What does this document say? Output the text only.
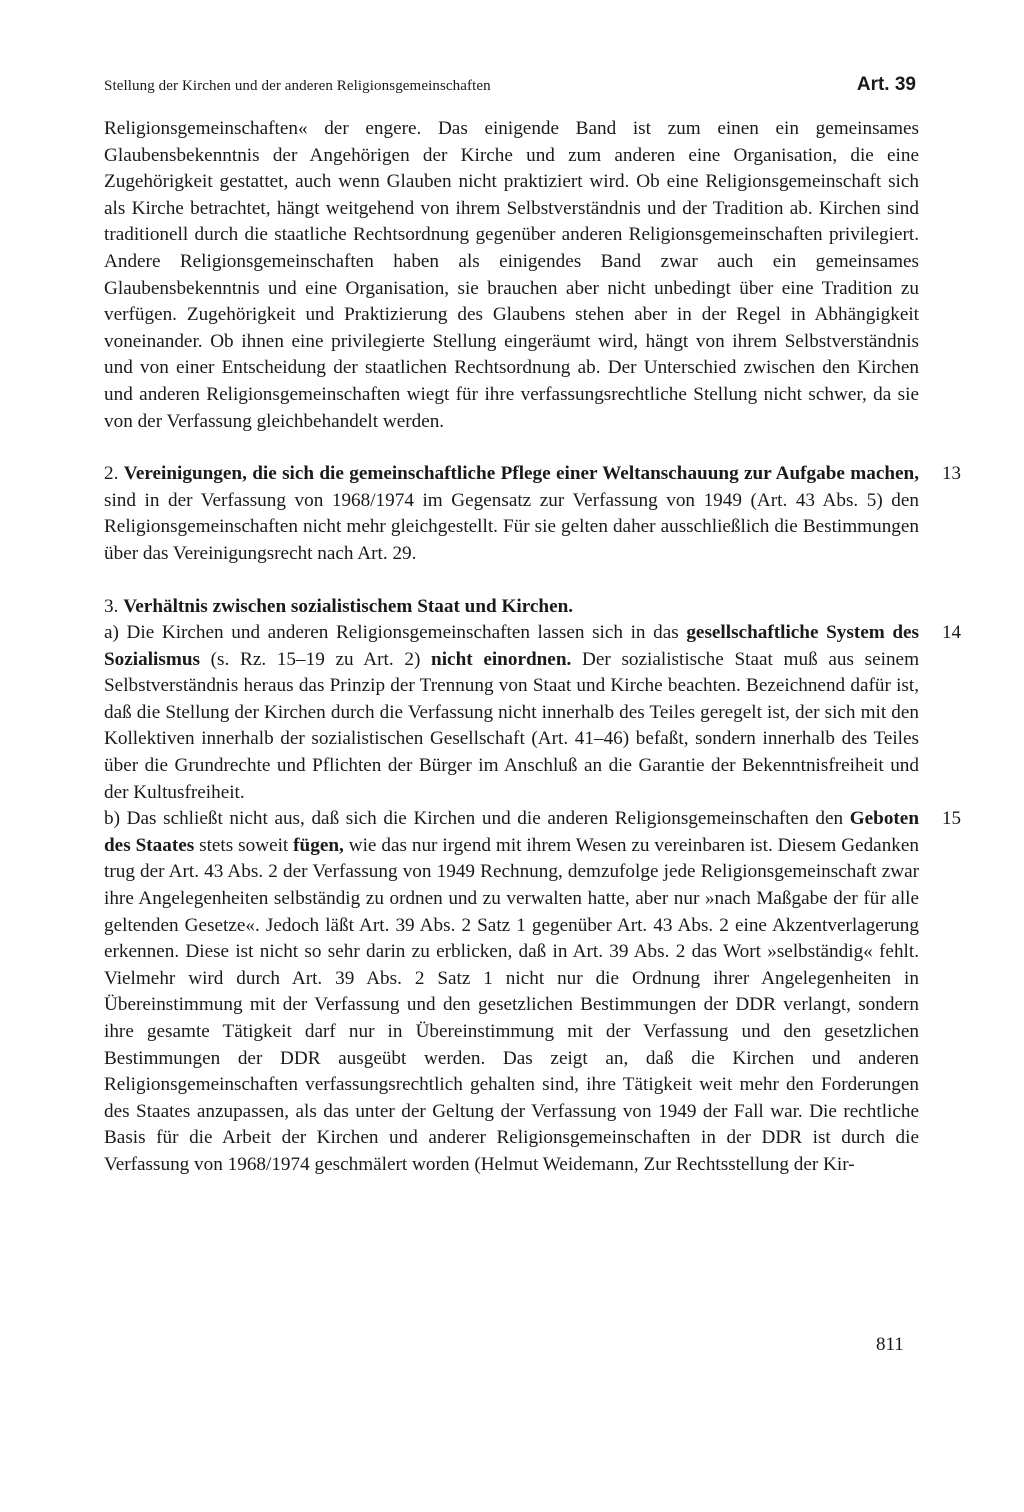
Stellung der Kirchen und der anderen Religionsgemeinschaften	Art. 39

Religionsgemeinschaften« der engere. Das einigende Band ist zum einen ein gemeinsames Glaubensbekenntnis der Angehörigen der Kirche und zum anderen eine Organisation, die eine Zugehörigkeit gestattet, auch wenn Glauben nicht praktiziert wird. Ob eine Religionsgemeinschaft sich als Kirche betrachtet, hängt weitgehend von ihrem Selbstverständnis und der Tradition ab. Kirchen sind traditionell durch die staatliche Rechtsordnung gegenüber anderen Religionsgemeinschaften privilegiert. Andere Religionsgemeinschaften haben als einigendes Band zwar auch ein gemeinsames Glaubensbekenntnis und eine Organisation, sie brauchen aber nicht unbedingt über eine Tradition zu verfügen. Zugehörigkeit und Praktizierung des Glaubens stehen aber in der Regel in Abhängigkeit voneinander. Ob ihnen eine privilegierte Stellung eingeräumt wird, hängt von ihrem Selbstverständnis und von einer Entscheidung der staatlichen Rechtsordnung ab. Der Unterschied zwischen den Kirchen und anderen Religionsgemeinschaften wiegt für ihre verfassungsrechtliche Stellung nicht schwer, da sie von der Verfassung gleichbehandelt werden.

13

2. Vereinigungen, die sich die gemeinschaftliche Pflege einer Weltanschauung zur Aufgabe machen, sind in der Verfassung von 1968/1974 im Gegensatz zur Verfassung von 1949 (Art. 43 Abs. 5) den Religionsgemeinschaften nicht mehr gleichgestellt. Für sie gelten daher ausschließlich die Bestimmungen über das Vereinigungsrecht nach Art. 29.

3. Verhältnis zwischen sozialistischem Staat und Kirchen.

14

a) Die Kirchen und anderen Religionsgemeinschaften lassen sich in das gesellschaftliche System des Sozialismus (s. Rz. 15–19 zu Art. 2) nicht einordnen. Der sozialistische Staat muß aus seinem Selbstverständnis heraus das Prinzip der Trennung von Staat und Kirche beachten. Bezeichnend dafür ist, daß die Stellung der Kirchen durch die Verfassung nicht innerhalb des Teiles geregelt ist, der sich mit den Kollektiven innerhalb der sozialistischen Gesellschaft (Art. 41–46) befaßt, sondern innerhalb des Teiles über die Grundrechte und Pflichten der Bürger im Anschluß an die Garantie der Bekenntnisfreiheit und der Kultusfreiheit.

15

b) Das schließt nicht aus, daß sich die Kirchen und die anderen Religionsgemeinschaften den Geboten des Staates stets soweit fügen, wie das nur irgend mit ihrem Wesen zu vereinbaren ist. Diesem Gedanken trug der Art. 43 Abs. 2 der Verfassung von 1949 Rechnung, demzufolge jede Religionsgemeinschaft zwar ihre Angelegenheiten selbständig zu ordnen und zu verwalten hatte, aber nur »nach Maßgabe der für alle geltenden Gesetze«. Jedoch läßt Art. 39 Abs. 2 Satz 1 gegenüber Art. 43 Abs. 2 eine Akzentverlagerung erkennen. Diese ist nicht so sehr darin zu erblicken, daß in Art. 39 Abs. 2 das Wort »selbständig« fehlt. Vielmehr wird durch Art. 39 Abs. 2 Satz 1 nicht nur die Ordnung ihrer Angelegenheiten in Übereinstimmung mit der Verfassung und den gesetzlichen Bestimmungen der DDR verlangt, sondern ihre gesamte Tätigkeit darf nur in Übereinstimmung mit der Verfassung und den gesetzlichen Bestimmungen der DDR ausgeübt werden. Das zeigt an, daß die Kirchen und anderen Religionsgemeinschaften verfassungsrechtlich gehalten sind, ihre Tätigkeit weit mehr den Forderungen des Staates anzupassen, als das unter der Geltung der Verfassung von 1949 der Fall war. Die rechtliche Basis für die Arbeit der Kirchen und anderer Religionsgemeinschaften in der DDR ist durch die Verfassung von 1968/1974 geschmälert worden (Helmut Weidemann, Zur Rechtsstellung der Kir-

811
